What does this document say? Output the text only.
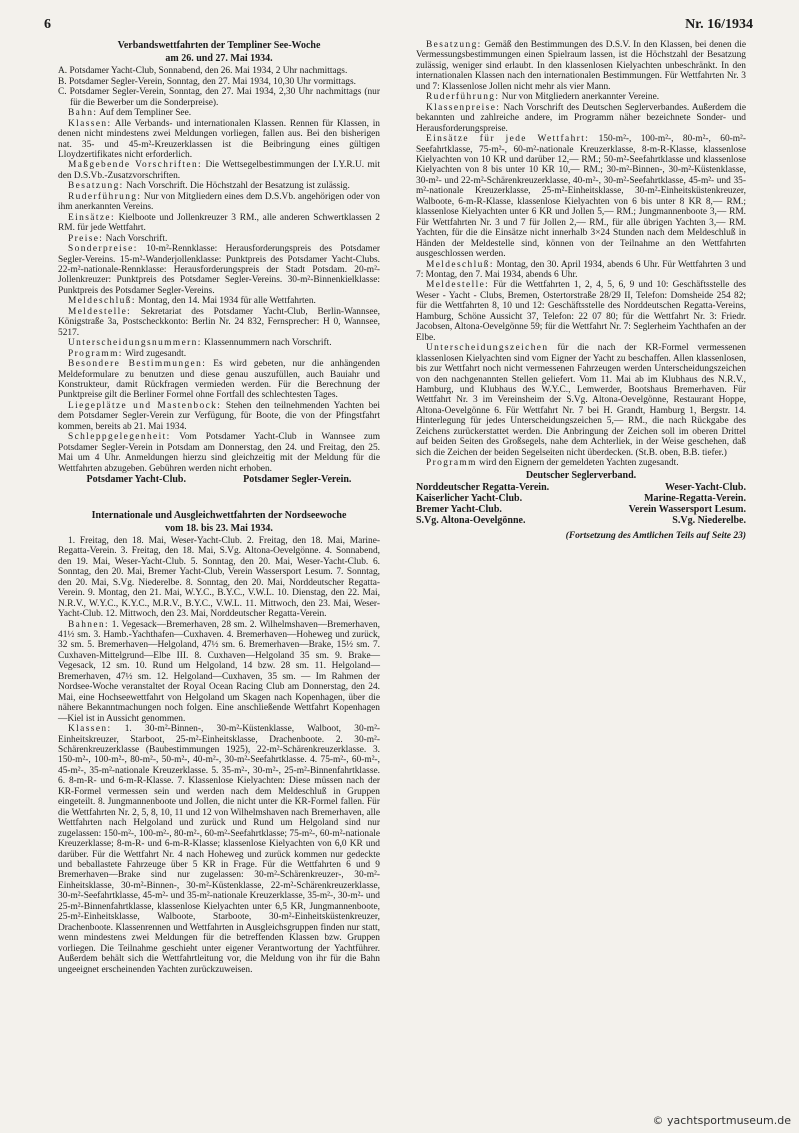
6	Nr. 16/1934
Verbandswettfahrten der Templiner See-Woche
am 26. und 27. Mai 1934.

A. Potsdamer Yacht-Club, Sonnabend, den 26. Mai 1934, 2 Uhr nachmittags.

B. Potsdamer Segler-Verein, Sonntag, den 27. Mai 1934, 10,30 Uhr vormittags.

C. Potsdamer Segler-Verein, Sonntag, den 27. Mai 1934, 2,30 Uhr nachmittags (nur für die Bewerber um die Sonderpreise).

Bahn: Auf dem Templiner See.

Klassen: Alle Verbands- und internationalen Klassen. Rennen für Klassen, in denen nicht mindestens zwei Meldungen vorliegen, fallen aus. Bei den bisherigen nat. 35- und 45-m²-Kreuzerklassen ist die Beibringung eines gültigen Lloydzertifikates nicht erforderlich.

Maßgebende Vorschriften: Die Wettsegelbestimmungen der I.Y.R.U. mit den D.S.Vb.-Zusatzvorschriften.

Besatzung: Nach Vorschrift. Die Höchstzahl der Besatzung ist zulässig.

Ruderführung: Nur von Mitgliedern eines dem D.S.Vb. angehörigen oder von ihm anerkannten Vereins.

Einsätze: Kielboote und Jollenkreuzer 3 RM., alle anderen Schwertklassen 2 RM. für jede Wettfahrt.

Preise: Nach Vorschrift.

Sonderpreise: 10-m²-Rennklasse: Herausforderungspreis des Potsdamer Segler-Vereins. 15-m²-Wanderjollenklasse: Punktpreis des Potsdamer Yacht-Clubs. 22-m²-nationale-Rennklasse: Herausforderungspreis der Stadt Potsdam. 20-m²-Jollenkreuzer: Punktpreis des Potsdamer Segler-Vereins. 30-m²-Binnenkielklasse: Punktpreis des Potsdamer Segler-Vereins.

Meldeschluß: Montag, den 14. Mai 1934 für alle Wettfahrten.

Meldestelle: Sekretariat des Potsdamer Yacht-Club, Berlin-Wannsee, Königstraße 3a, Postscheckkonto: Berlin Nr. 24 832, Fernsprecher: H 0, Wannsee, 5217.

Unterscheidungsnummern: Klassennummern nach Vorschrift.

Programm: Wird zugesandt.

Besondere Bestimmungen: Es wird gebeten, nur die anhängenden Meldeformulare zu benutzen und diese genau auszufüllen, auch Bauiahr und Konstrukteur, damit Rückfragen vermieden werden. Für die Berechnung der Punktpreise gilt die Berliner Formel ohne Fortfall des schlechtesten Tages.

Liegeplätze und Mastenbock: Stehen den teilnehmenden Yachten bei dem Potsdamer Segler-Verein zur Verfügung, für Boote, die von der Pfingstfahrt kommen, bereits ab 21. Mai 1934.

Schleppgelegenheit: Vom Potsdamer Yacht-Club in Wannsee zum Potsdamer Segler-Verein in Potsdam am Donnerstag, den 24. und Freitag, den 25. Mai um 4 Uhr. Anmeldungen hierzu sind gleichzeitig mit der Meldung für die Wettfahrten abzugeben. Gebühren werden nicht erhoben.

Potsdamer Yacht-Club.	Potsdamer Segler-Verein.
Internationale und Ausgleichwettfahrten der Nordseewoche
vom 18. bis 23. Mai 1934.

1. Freitag, den 18. Mai, Weser-Yacht-Club. 2. Freitag, den 18. Mai, Marine-Regatta-Verein. 3. Freitag, den 18. Mai, S.Vg. Altona-Oevelgönne. 4. Sonnabend, den 19. Mai, Weser-Yacht-Club. 5. Sonntag, den 20. Mai, Weser-Yacht-Club. 6. Sonntag, den 20. Mai, Bremer Yacht-Club, Verein Wassersport Lesum. 7. Sonntag, den 20. Mai, S.Vg. Niederelbe. 8. Sonntag, den 20. Mai, Norddeutscher Regatta-Verein. 9. Montag, den 21. Mai, W.Y.C., B.Y.C., V.W.L. 10. Dienstag, den 22. Mai, N.R.V., W.Y.C., K.Y.C., M.R.V., B.Y.C., V.W.L. 11. Mittwoch, den 23. Mai, Weser-Yacht-Club. 12. Mittwoch, den 23. Mai, Norddeutscher Regatta-Verein.

Bahnen: 1. Vegesack—Bremerhaven, 28 sm. 2. Wilhelmshaven—Bremerhaven, 41½ sm. 3. Hamb.-Yachthafen—Cuxhaven. 4. Bremerhaven—Hoheweg und zurück, 32 sm. 5. Bremerhaven—Helgoland, 47½ sm. 6. Bremerhaven—Brake, 15½ sm. 7. Cuxhaven-Mittelgrund—Elbe III. 8. Cuxhaven—Helgoland 35 sm. 9. Brake—Vegesack, 12 sm. 10. Rund um Helgoland, 14 bzw. 28 sm. 11. Helgoland—Bremerhaven, 47½ sm. 12. Helgoland—Cuxhaven, 35 sm. — Im Rahmen der Nordsee-Woche veranstaltet der Royal Ocean Racing Club am Donnerstag, den 24. Mai, eine Hochseewettfahrt von Helgoland um Skagen nach Kopenhagen, über die nähere Bekanntmachungen noch folgen. Eine anschließende Wettfahrt Kopenhagen—Kiel ist in Aussicht genommen.

Klassen: 1. 30-m²-Binnen-, 30-m²-Küstenklasse, Walboot, 30-m²-Einheitskreuzer, Starboot, 25-m²-Einheitsklasse, Drachenboote. 2. 30-m²-Schärenkreuzerklasse (Baubestimmungen 1925), 22-m²-Schärenkreuzerklasse. 3. 150-m²-, 100-m²-, 80-m²-, 50-m²-, 40-m²-, 30-m²-Seefahrtklasse. 4. 75-m²-, 60-m²-, 45-m²-, 35-m²-nationale Kreuzerklasse. 5. 35-m²-, 30-m²-, 25-m²-Binnenfahrtklasse. 6. 8-m-R- und 6-m-R-Klasse. 7. Klassenlose Kielyachten: Diese müssen nach der KR-Formel vermessen sein und werden nach dem Meldeschluß in Gruppen eingeteilt. 8. Jungmannenboote und Jollen, die nicht unter die KR-Formel fallen. Für die Wettfahrten Nr. 2, 5, 8, 10, 11 und 12 von Wilhelmshaven nach Bremerhaven, alle Wettfahrten nach Helgoland und zurück und Rund um Helgoland sind nur zugelassen: 150-m²-, 100-m²-, 80-m²-, 60-m²-Seefahrtklasse; 75-m²-, 60-m²-nationale Kreuzerklasse; 8-m-R- und 6-m-R-Klasse; klassenlose Kielyachten von 6,0 KR und darüber. Für die Wettfahrt Nr. 4 nach Hoheweg und zurück kommen nur gedeckte und beballastete Fahrzeuge über 5 KR in Frage. Für die Wettfahrten 6 und 9 Bremerhaven—Brake sind nur zugelassen: 30-m²-Schärenkreuzer-, 30-m²-Einheitsklasse, 30-m²-Binnen-, 30-m²-Küstenklasse, 22-m²-Schärenkreuzerklasse, 30-m²-Seefahrtklasse, 45-m²- und 35-m²-nationale Kreuzerklasse, 35-m²-, 30-m²- und 25-m²-Binnenfahrtklasse, klassenlose Kielyachten unter 6,5 KR, Jungmannenboote, 25-m²-Einheitsklasse, Walboote, Starboote, 30-m²-Einheitsküstenkreuzer, Drachenboote. Klassenrennen und Wettfahrten in Ausgleichsgruppen finden nur statt, wenn mindestens zwei Meldungen für die betreffenden Klassen bzw. Gruppen vorliegen. Die Teilnahme geschieht unter eigener Verantwortung der Yachtführer. Außerdem behält sich die Wettfahrtleitung vor, die Meldung von ihr für die Bahn ungeeignet erscheinenden Yachten zurückzuweisen.

Besatzung: Gemäß den Bestimmungen des D.S.V. In den Klassen, bei denen die Vermessungsbestimmungen einen Spielraum lassen, ist die Höchstzahl der Besatzung zulässig, weniger sind erlaubt. In den klassenlosen Kielyachten unbeschränkt. In den internationalen Klassen nach den internationalen Bestimmungen. Für Wettfahrten Nr. 3 und 7: Klassenlose Jollen nicht mehr als vier Mann.

Ruderführung: Nur von Mitgliedern anerkannter Vereine.

Klassenpreise: Nach Vorschrift des Deutschen Seglerverbandes. Außerdem die bekannten und zahlreiche andere, im Programm näher bezeichnete Sonder- und Herausforderungspreise.

Einsätze für jede Wettfahrt: 150-m²-, 100-m²-, 80-m²-, 60-m²-Seefahrtklasse, 75-m²-, 60-m²-nationale Kreuzerklasse, 8-m-R-Klasse, klassenlose Kielyachten von 10 KR und darüber 12,— RM.; 50-m²-Seefahrtklasse und klassenlose Kielyachten von 8 bis unter 10 KR 10,— RM.; 30-m²-Binnen-, 30-m²-Küstenklasse, 30-m²- und 22-m²-Schärenkreuzerklasse, 40-m²-, 30-m²-Seefahrtklasse, 45-m²- und 35-m²-nationale Kreuzerklasse, 25-m²-Einheitsklasse, 30-m²-Einheitsküstenkreuzer, Walboote, 6-m-R-Klasse, klassenlose Kielyachten von 6 bis unter 8 KR 8,— RM.; klassenlose Kielyachten unter 6 KR und Jollen 5,— RM.; Jungmannenboote 3,— RM. Für Wettfahrten Nr. 3 und 7 für Jollen 2,— RM., für alle übrigen Yachten 3,— RM. Yachten, für die die Einsätze nicht innerhalb 3×24 Stunden nach dem Meldeschluß in Händen der Meldestelle sind, können von der Teilnahme an den Wettfahrten ausgeschlossen werden.

Meldeschluß: Montag, den 30. April 1934, abends 6 Uhr. Für Wettfahrten 3 und 7: Montag, den 7. Mai 1934, abends 6 Uhr.

Meldestelle: Für die Wettfahrten 1, 2, 4, 5, 6, 9 und 10: Geschäftsstelle des Weser - Yacht - Clubs, Bremen, Ostertorstraße 28/29 II, Telefon: Domsheide 254 82; für die Wettfahrten 8, 10 und 12: Geschäftsstelle des Norddeutschen Regatta-Vereins, Hamburg, Schöne Aussicht 37, Telefon: 22 07 80; für die Wettfahrt Nr. 3: Friedr. Jacobsen, Altona-Oevelgönne 59; für die Wettfahrt Nr. 7: Seglerheim Yachthafen an der Elbe.

Unterscheidungszeichen für die nach der KR-Formel vermessenen klassenlosen Kielyachten sind vom Eigner der Yacht zu beschaffen. Allen klassenlosen, bis zur Wettfahrt noch nicht vermessenen Fahrzeugen werden Unterscheidungszeichen von den nachgenannten Stellen geliefert. Vom 11. Mai ab im Klubhaus des N.R.V., Hamburg, und Klubhaus des W.Y.C., Lemwerder, Bootshaus Bremerhaven. Für Wettfahrt Nr. 3 im Vereinsheim der S.Vg. Altona-Oevelgönne, Restaurant Hoppe, Altona-Oevelgönne 6. Für Wettfahrt Nr. 7 bei H. Grandt, Hamburg 1, Bergstr. 14. Hinterlegung für jedes Unterscheidungszeichen 5,— RM., die nach Rückgabe des Zeichens zurückerstattet werden. Die Anbringung der Zeichen soll im oberen Drittel auf beiden Seiten des Großsegels, nahe dem Achterliek, in der Weise geschehen, daß sich die Zeichen der beiden Segelseiten nicht überdecken. (St.B. oben, B.B. tiefer.)

Programm wird den Eignern der gemeldeten Yachten zugesandt.

Deutscher Seglerverband.
Norddeutscher Regatta-Verein.	Weser-Yacht-Club.
Kaiserlicher Yacht-Club.	Marine-Regatta-Verein.
Bremer Yacht-Club.	Verein Wassersport Lesum.
S.Vg. Altona-Oevelgönne.	S.Vg. Niederelbe.
(Fortsetzung des Amtlichen Teils auf Seite 23)
© yachtsportmuseum.de
